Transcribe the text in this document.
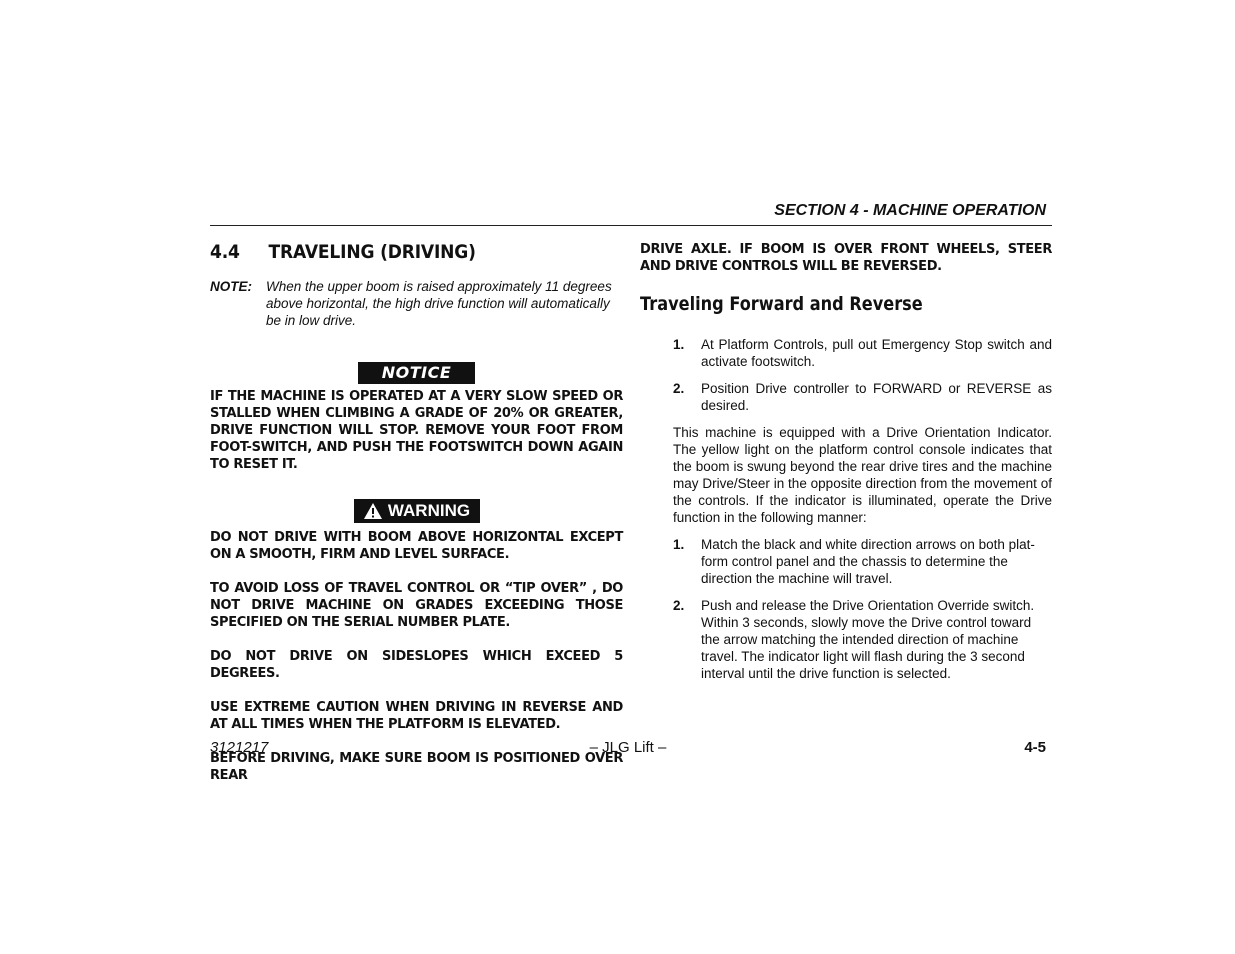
SECTION 4 - MACHINE OPERATION
4.4	TRAVELING (DRIVING)
NOTE:	When the upper boom is raised approximately 11 degrees above horizontal, the high drive function will automatically be in low drive.
NOTICE

IF THE MACHINE IS OPERATED AT A VERY SLOW SPEED OR STALLED WHEN CLIMBING A GRADE OF 20% OR GREATER, DRIVE FUNCTION WILL STOP. REMOVE YOUR FOOT FROM FOOT-SWITCH, AND PUSH THE FOOTSWITCH DOWN AGAIN TO RESET IT.

WARNING

DO NOT DRIVE WITH BOOM ABOVE HORIZONTAL EXCEPT ON A SMOOTH, FIRM AND LEVEL SURFACE.

TO AVOID LOSS OF TRAVEL CONTROL OR “TIP OVER” , DO NOT DRIVE MACHINE ON GRADES EXCEEDING THOSE SPECIFIED ON THE SERIAL NUMBER PLATE.

DO NOT DRIVE ON SIDESLOPES WHICH EXCEED 5 DEGREES.

USE EXTREME CAUTION WHEN DRIVING IN REVERSE AND AT ALL TIMES WHEN THE PLATFORM IS ELEVATED.

BEFORE DRIVING, MAKE SURE BOOM IS POSITIONED OVER REAR

DRIVE AXLE. IF BOOM IS OVER FRONT WHEELS, STEER AND DRIVE CONTROLS WILL BE REVERSED.

Traveling Forward and Reverse
1.	At Platform Controls, pull out Emergency Stop switch and activate footswitch.
2.	Position Drive controller to FORWARD or REVERSE as desired.

This machine is equipped with a Drive Orientation Indicator. The yellow light on the platform control console indicates that the boom is swung beyond the rear drive tires and the machine may Drive/Steer in the opposite direction from the movement of the controls. If the indicator is illuminated, operate the Drive function in the following manner:

1.	Match the black and white direction arrows on both plat-form control panel and the chassis to determine the direction the machine will travel.
2.	Push and release the Drive Orientation Override switch. Within 3 seconds, slowly move the Drive control toward the arrow matching the intended direction of machine travel. The indicator light will flash during the 3 second interval until the drive function is selected.
3121217	– JLG Lift –	4-5
